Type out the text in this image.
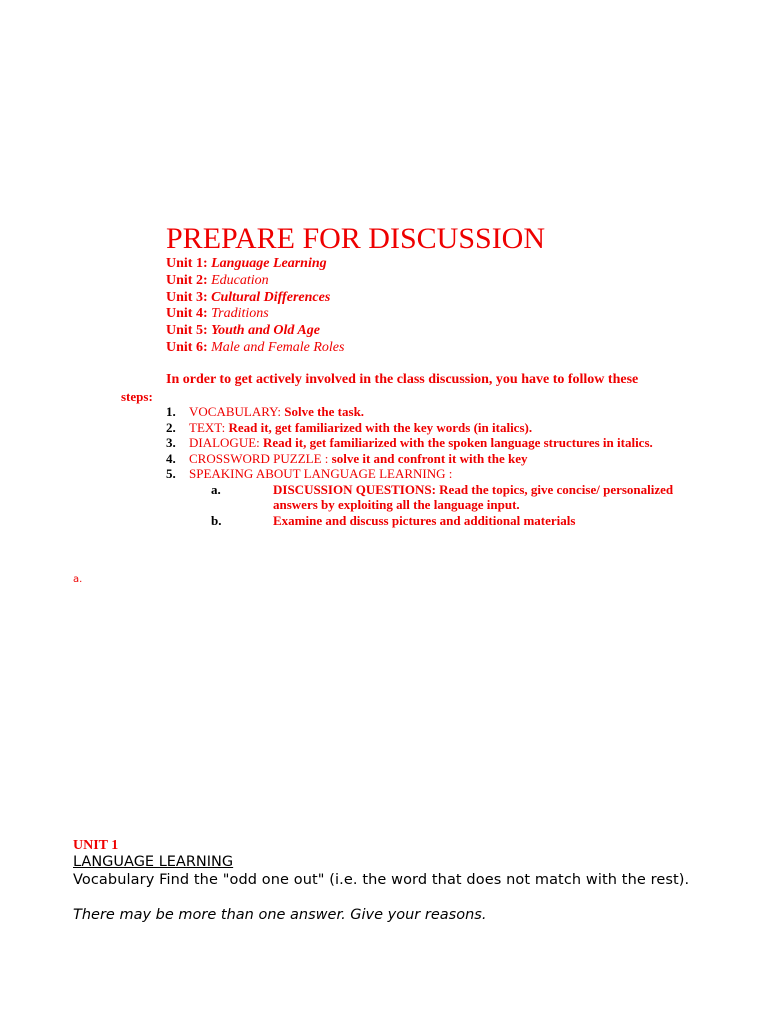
PREPARE FOR DISCUSSION
Unit 1: Language Learning
Unit 2: Education
Unit 3: Cultural Differences
Unit 4: Traditions
Unit 5: Youth and Old Age
Unit 6: Male and Female Roles
In order to get actively involved in the class discussion, you have to follow these
steps:
1. VOCABULARY: Solve the task.
2. TEXT: Read it, get familiarized with the key words (in italics).
3. DIALOGUE: Read it, get familiarized with the spoken language structures in italics.
4. CROSSWORD PUZZLE : solve it and confront it with the key
5. SPEAKING ABOUT LANGUAGE LEARNING :
a.	DISCUSSION QUESTIONS: Read the topics, give concise/ personalized answers by exploiting all the language input.
b.	Examine and discuss pictures and additional materials
a.
UNIT 1
LANGUAGE LEARNING
Vocabulary Find the "odd one out" (i.e. the word that does not match with the rest).
There may be more than one answer. Give your reasons.
